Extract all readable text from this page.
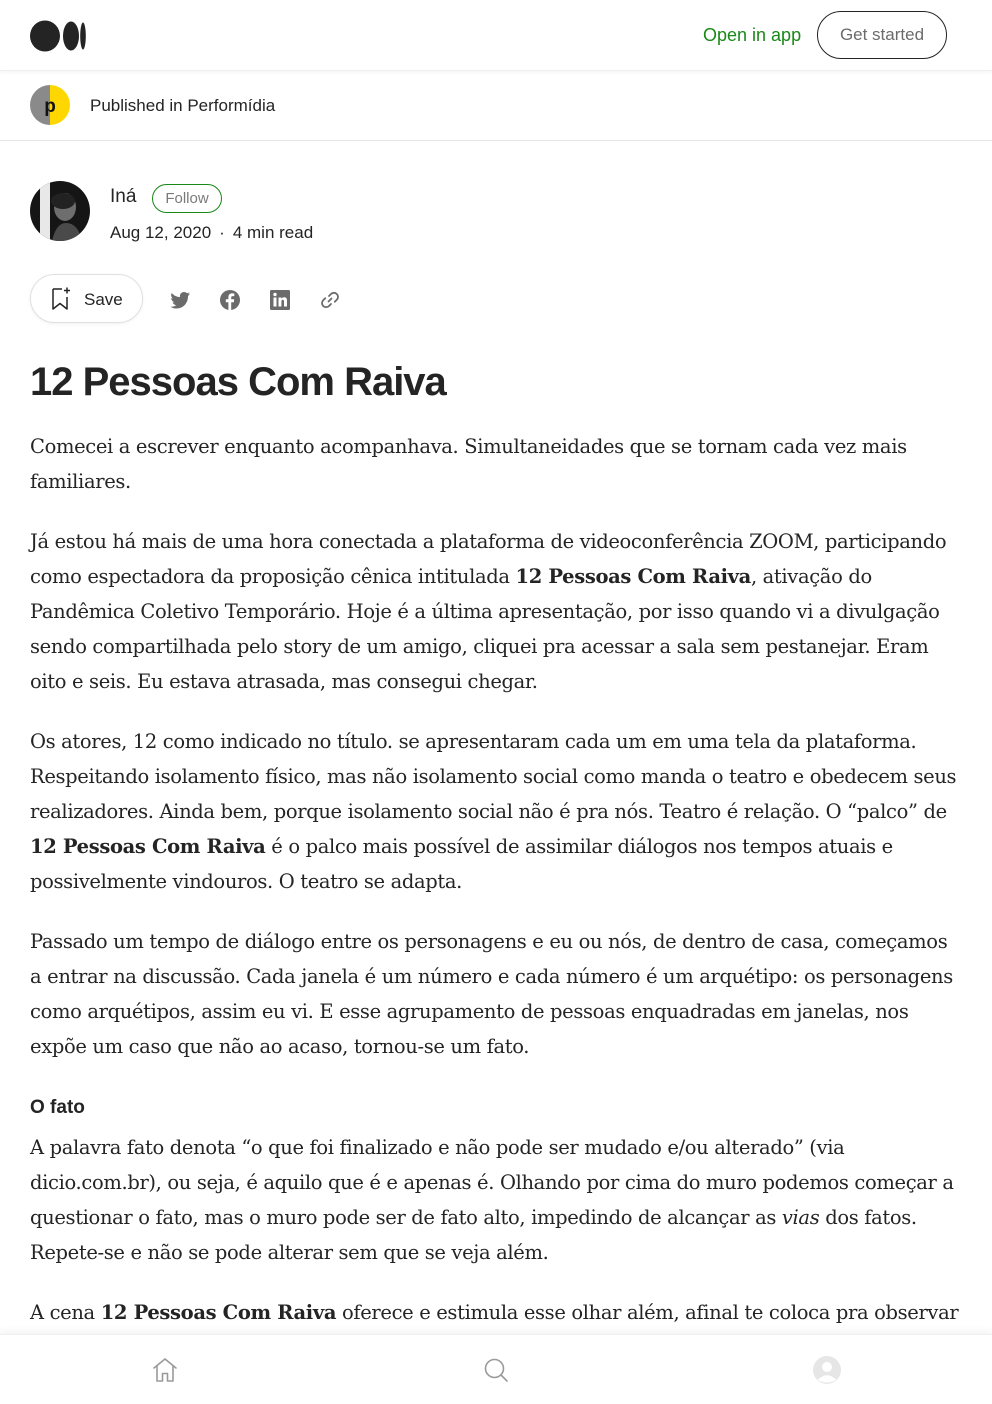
Open in app	Get started
p Published in Performídia
Iná	Follow
Aug 12, 2020 · 4 min read
Save
12 Pessoas Com Raiva

Comecei a escrever enquanto acompanhava. Simultaneidades que se tornam cada vez mais familiares.

Já estou há mais de uma hora conectada a plataforma de videoconferência ZOOM, participando como espectadora da proposição cênica intitulada 12 Pessoas Com Raiva, ativação do Pandêmica Coletivo Temporário. Hoje é a última apresentação, por isso quando vi a divulgação sendo compartilhada pelo story de um amigo, cliquei pra acessar a sala sem pestanejar. Eram oito e seis. Eu estava atrasada, mas consegui chegar.

Os atores, 12 como indicado no título. se apresentaram cada um em uma tela da plataforma. Respeitando isolamento físico, mas não isolamento social como manda o teatro e obedecem seus realizadores. Ainda bem, porque isolamento social não é pra nós. Teatro é relação. O “palco” de 12 Pessoas Com Raiva é o palco mais possível de assimilar diálogos nos tempos atuais e possivelmente vindouros. O teatro se adapta.

Passado um tempo de diálogo entre os personagens e eu ou nós, de dentro de casa, começamos a entrar na discussão. Cada janela é um número e cada número é um arquétipo: os personagens como arquétipos, assim eu vi. E esse agrupamento de pessoas enquadradas em janelas, nos expõe um caso que não ao acaso, tornou-se um fato.

O fato

A palavra fato denota “o que foi finalizado e não pode ser mudado e/ou alterado” (via dicio.com.br), ou seja, é aquilo que é e apenas é. Olhando por cima do muro podemos começar a questionar o fato, mas o muro pode ser de fato alto, impedindo de alcançar as vias dos fatos. Repete-se e não se pode alterar sem que se veja além.

A cena 12 Pessoas Com Raiva oferece e estimula esse olhar além, afinal te coloca pra observar
